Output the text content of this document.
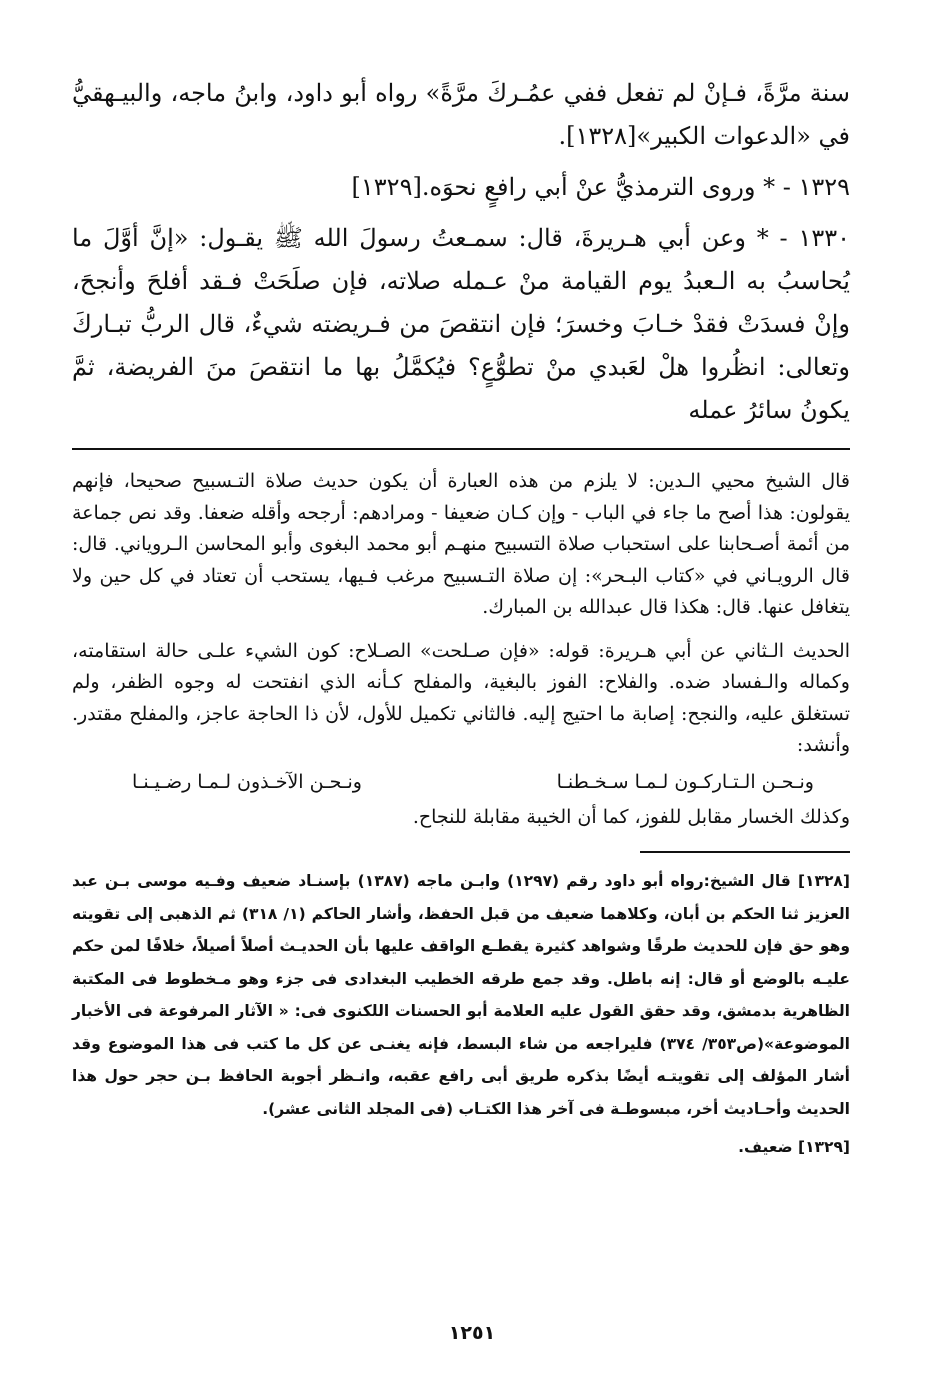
سنة مرَّةً، فـإنْ لم تفعل ففي عمُـركَ مرَّةً» رواه أبو داود، وابنُ ماجه، والبيـهقيُّ في «الدعوات الكبير»[١٣٢٨].

١٣٢٩ - * وروى الترمذيُّ عنْ أبي رافعٍ نحوَه.[١٣٢٩]

١٣٣٠ - * وعن أبي هـريرةَ، قال: سمـعتُ رسولَ الله ﷺ يقـول: «إنَّ أوَّلَ ما يُحاسبُ به الـعبدُ يوم القيامة منْ عـمله صلاته، فإن صلَحَتْ فـقد أفلحَ وأنجحَ، وإنْ فسدَتْ فقدْ خـابَ وخسرَ؛ فإن انتقصَ من فـريضته شيءٌ، قال الربُّ تبـاركَ وتعالى: انظُروا هلْ لعَبدي منْ تطوُّعٍ؟ فيُكمَّلُ بها ما انتقصَ منَ الفريضة، ثمَّ يكونُ سائرُ عمله

قال الشيخ محيي الـدين: لا يلزم من هذه العبارة أن يكون حديث صلاة التـسبيح صحيحا، فإنهم يقولون: هذا أصح ما جاء في الباب - وإن كـان ضعيفا - ومرادهم: أرجحه وأقله ضعفا. وقد نص جماعة من أئمة أصـحابنا على استحباب صلاة التسبيح منهـم أبو محمد البغوى وأبو المحاسن الـروياني. قال: قال الرويـاني في «كتاب البـحر»: إن صلاة التـسبيح مرغب فـيها، يستحب أن تعتاد في كل حين ولا يتغافل عنها. قال: هكذا قال عبدالله بن المبارك.

الحديث الـثاني عن أبي هـريرة: قوله: «فإن صـلحت» الصـلاح: كون الشيء علـى حالة استقامته، وكماله والـفساد ضده. والفلاح: الفوز بالبغية، والمفلح كـأنه الذي انفتحت له وجوه الظفر، ولم تستغلق عليه، والنجح: إصابة ما احتيج إليه. فالثاني تكميل للأول، لأن ذا الحاجة عاجز، والمفلح مقتدر. وأنشد:

ونـحـن الـتـاركـون لـمـا سـخـطنـا
ونـحـن الآخـذون لـمـا رضـيـنـا

وكذلك الخسار مقابل للفوز، كما أن الخيبة مقابلة للنجاح.

[١٣٢٨] قال الشيخ:رواه أبو داود رقم (١٢٩٧) وابـن ماجه (١٣٨٧) بإسنـاد ضعيف وفـيه موسى بـن عبد العزيز ثنا الحكم بن أبان، وكلاهما ضعيف من قبل الحفظ، وأشار الحاكم (١/ ٣١٨) ثم الذهبى إلى تقويته وهو حق فإن للحديث طرقًا وشواهد كثيرة يقطـع الواقف عليها بأن الحديـث أصلاً أصيلاً، خلافًا لمن حكم عليـه بالوضع أو قال: إنه باطل. وقد جمع طرقه الخطيب البغدادى فى جزء وهو مـخطوط فى المكتبة الظاهرية بدمشق، وقد حقق القول عليه العلامة أبو الحسنات اللكنوى فى: « الآثار المرفوعة فى الأخبار الموضوعة»(ص٣٥٣/ ٣٧٤) فليراجعه من شاء البسط، فإنه يغنـى عن كل ما كتب فى هذا الموضوع وقد أشار المؤلف إلى تقويتـه أيضًا بذكره طريق أبى رافع عقبه، وانـظر أجوبة الحافظ بـن حجر حول هذا الحديث وأحـاديث أخر، مبسوطـة فى آخر هذا الكتـاب (فى المجلد الثانى عشر).

[١٣٢٩] ضعيف.

١٢٥١
